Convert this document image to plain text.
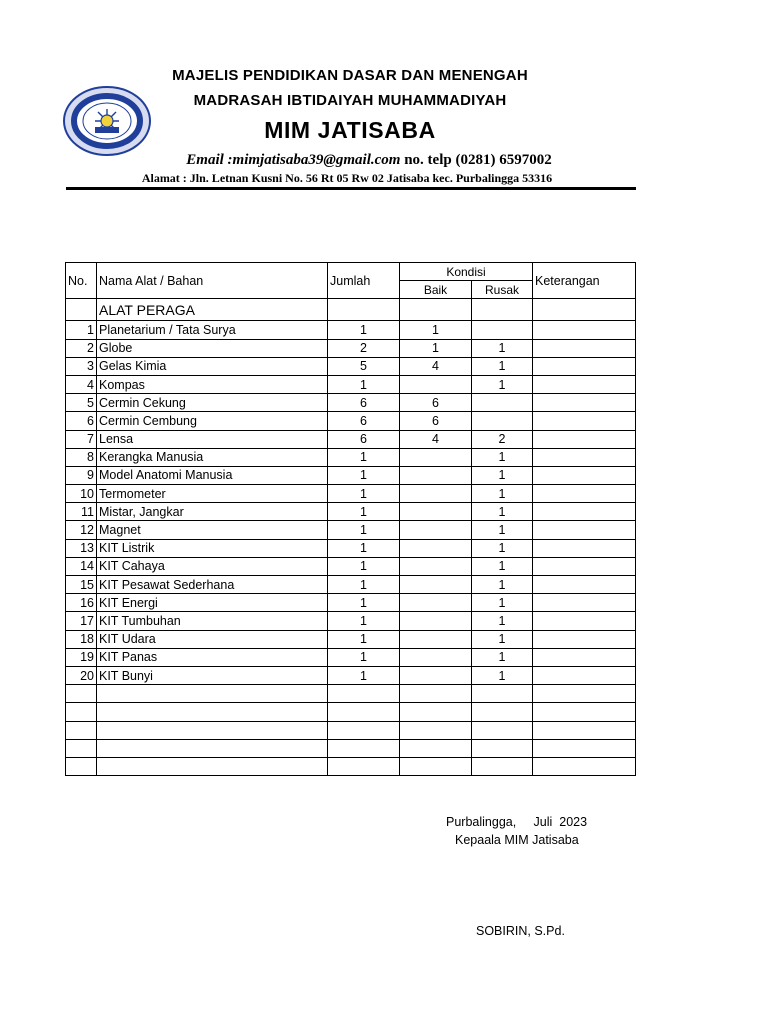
MAJELIS PENDIDIKAN DASAR DAN MENENGAH
MADRASAH IBTIDAIYAH MUHAMMADIYAH
MIM JATISABA
Email :mimjatisaba39@gmail.com no. telp (0281) 6597002
Alamat : Jln. Letnan Kusni No. 56 Rt 05 Rw 02 Jatisaba kec. Purbalingga 53316
No.	Nama Alat / Bahan	Jumlah	Kondisi		Keterangan
			Baik	Rusak	
	ALAT PERAGA				
1	Planetarium / Tata Surya	1	1		
2	Globe	2	1	1	
3	Gelas Kimia	5	4	1	
4	Kompas	1		1	
5	Cermin Cekung	6	6		
6	Cermin Cembung	6	6		
7	Lensa	6	4	2	
8	Kerangka Manusia	1		1	
9	Model Anatomi Manusia	1		1	
10	Termometer	1		1	
11	Mistar, Jangkar	1		1	
12	Magnet	1		1	
13	KIT Listrik	1		1	
14	KIT Cahaya	1		1	
15	KIT Pesawat Sederhana	1		1	
16	KIT Energi	1		1	
17	KIT Tumbuhan	1		1	
18	KIT Udara	1		1	
19	KIT Panas	1		1	
20	KIT Bunyi	1		1	

Purbalingga,     Juli  2023
Kepaala MIM Jatisaba
SOBIRIN, S.Pd.
